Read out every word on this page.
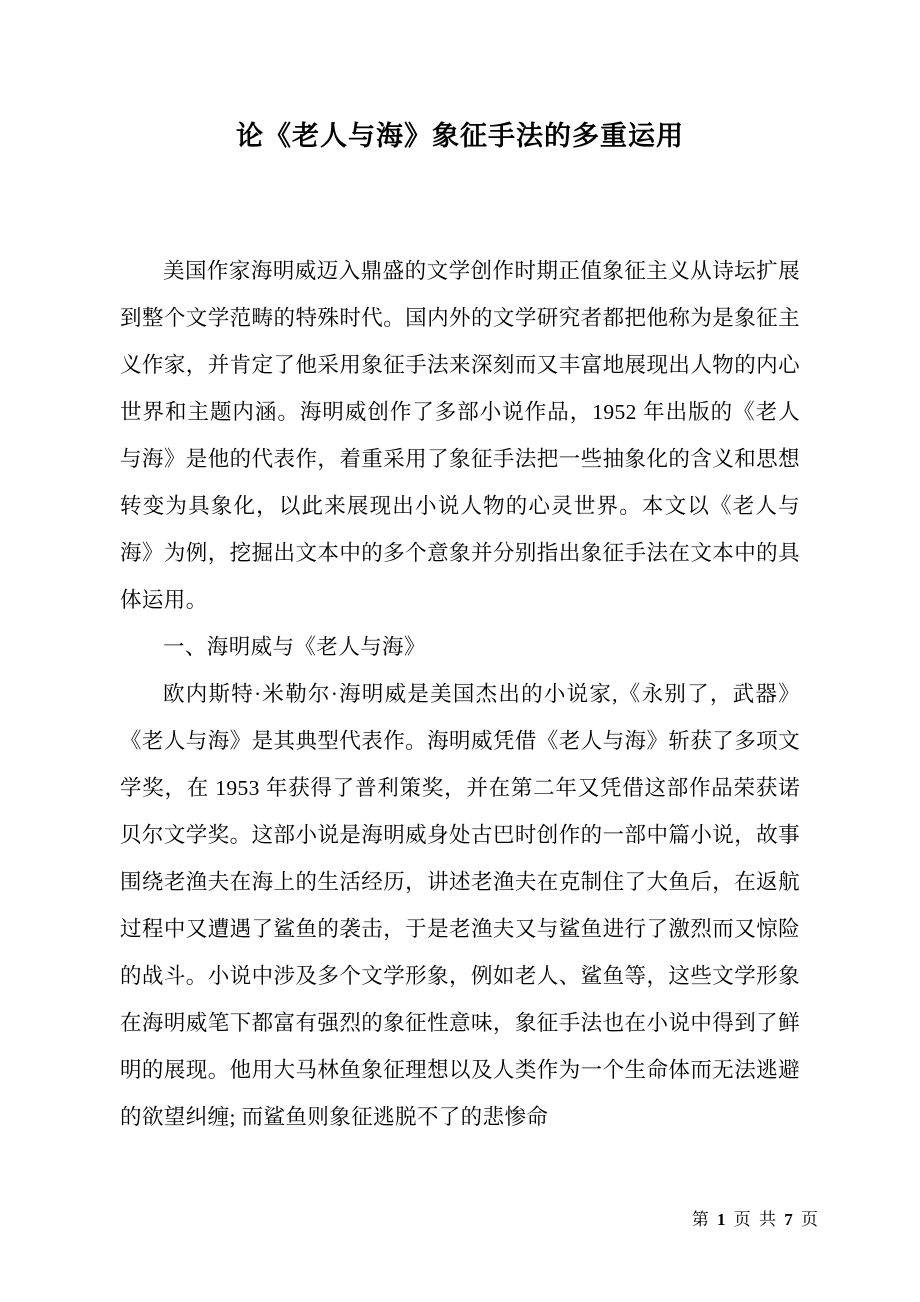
论《老人与海》象征手法的多重运用

美国作家海明威迈入鼎盛的文学创作时期正值象征主义从诗坛扩展到整个文学范畴的特殊时代。国内外的文学研究者都把他称为是象征主义作家，并肯定了他采用象征手法来深刻而又丰富地展现出人物的内心世界和主题内涵。海明威创作了多部小说作品，1952 年出版的《老人与海》是他的代表作，着重采用了象征手法把一些抽象化的含义和思想转变为具象化，以此来展现出小说人物的心灵世界。本文以《老人与海》为例，挖掘出文本中的多个意象并分别指出象征手法在文本中的具体运用。

一、海明威与《老人与海》

欧内斯特·米勒尔·海明威是美国杰出的小说家,《永别了，武器》《老人与海》是其典型代表作。海明威凭借《老人与海》斩获了多项文学奖，在 1953 年获得了普利策奖，并在第二年又凭借这部作品荣获诺贝尔文学奖。这部小说是海明威身处古巴时创作的一部中篇小说，故事围绕老渔夫在海上的生活经历，讲述老渔夫在克制住了大鱼后，在返航过程中又遭遇了鲨鱼的袭击，于是老渔夫又与鲨鱼进行了激烈而又惊险的战斗。小说中涉及多个文学形象，例如老人、鲨鱼等，这些文学形象在海明威笔下都富有强烈的象征性意味，象征手法也在小说中得到了鲜明的展现。他用大马林鱼象征理想以及人类作为一个生命体而无法逃避的欲望纠缠; 而鲨鱼则象征逃脱不了的悲惨命

第 1 页 共 7 页
